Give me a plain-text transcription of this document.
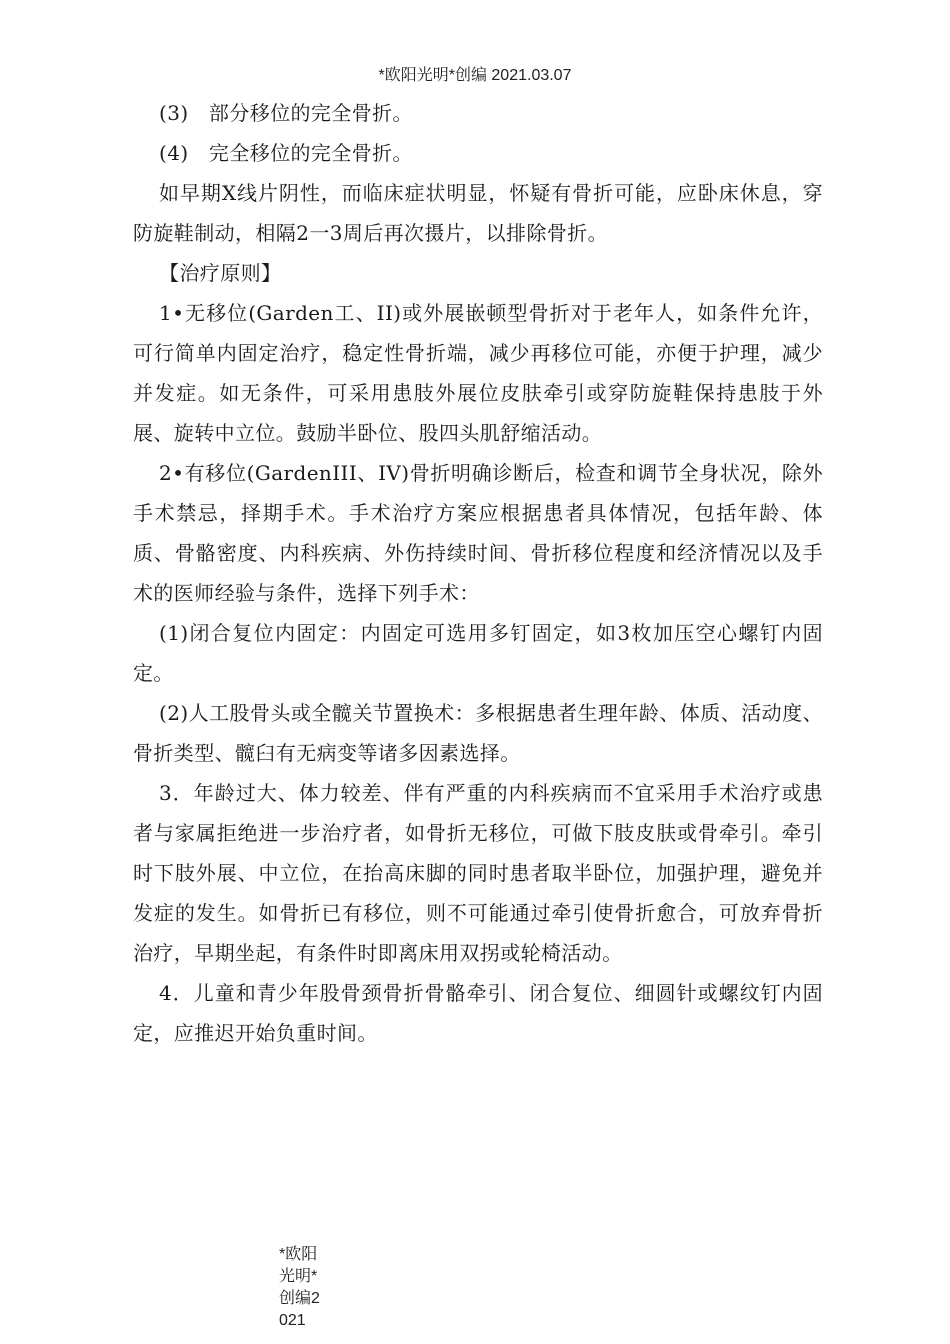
*欧阳光明*创编 2021.03.07

(3)　部分移位的完全骨折。

(4)　完全移位的完全骨折。

如早期X线片阴性，而临床症状明显，怀疑有骨折可能，应卧床休息，穿防旋鞋制动，相隔2一3周后再次摄片，以排除骨折。

【治疗原则】

1•无移位(Garden工、II)或外展嵌顿型骨折对于老年人，如条件允许，可行简单内固定治疗，稳定性骨折端，减少再移位可能，亦便于护理，减少并发症。如无条件，可采用患肢外展位皮肤牵引或穿防旋鞋保持患肢于外展、旋转中立位。鼓励半卧位、股四头肌舒缩活动。

2•有移位(GardenIII、IV)骨折明确诊断后，检查和调节全身状况，除外手术禁忌，择期手术。手术治疗方案应根据患者具体情况，包括年龄、体质、骨骼密度、内科疾病、外伤持续时间、骨折移位程度和经济情况以及手术的医师经验与条件，选择下列手术：

(1)闭合复位内固定：内固定可选用多钉固定，如3枚加压空心螺钉内固定。

(2)人工股骨头或全髋关节置换术：多根据患者生理年龄、体质、活动度、骨折类型、髋臼有无病变等诸多因素选择。

3．年龄过大、体力较差、伴有严重的内科疾病而不宜采用手术治疗或患者与家属拒绝进一步治疗者，如骨折无移位，可做下肢皮肤或骨牵引。牵引时下肢外展、中立位，在抬高床脚的同时患者取半卧位，加强护理，避免并发症的发生。如骨折已有移位，则不可能通过牵引使骨折愈合，可放弃骨折治疗，早期坐起，有条件时即离床用双拐或轮椅活动。

4．儿童和青少年股骨颈骨折骨骼牵引、闭合复位、细圆针或螺纹钉内固定，应推迟开始负重时间。

*欧阳光明*创编2021
